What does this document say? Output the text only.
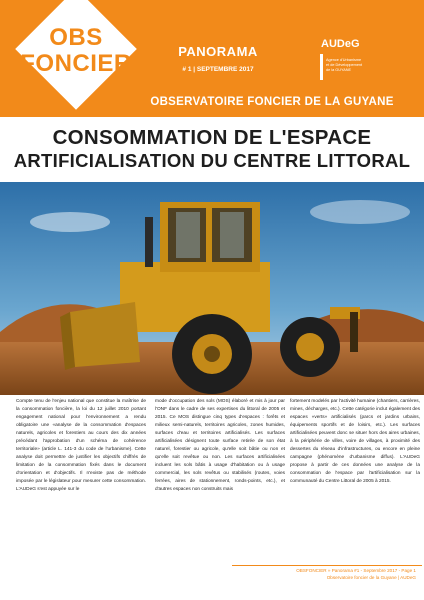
OBS
FONCIER	PANORAMA
# 1 | SEPTEMBRE 2017
AUDeG
Agence d'Urbanisme
et de Développement
de la GUYANE
OBSERVATOIRE FONCIER DE LA GUYANE
CONSOMMATION DE L'ESPACE
ARTIFICIALISATION DU CENTRE LITTORAL
Compte tenu de l'enjeu national que constitue la maîtrise de la consommation foncière, la loi du 12 juillet 2010 portant engagement national pour l'environnement a rendu obligatoire une «analyse de la consommation d'espaces naturels, agricoles et forestiers au cours des dix années précédant l'approbation d'un schéma de cohérence territoriale» (article L. 141-3 du code de l'urbanisme). Cette analyse doit permettre de justifier les objectifs chiffrés de limitation de la consommation fixés dans le document d'orientation et d'objectifs. Il n'existe pas de méthode imposée par le législateur pour mesurer cette consommation. L'AUDeG s'est appuyée sur le
mode d'occupation des sols (MOS) élaboré et mis à jour par l'ONF dans le cadre de ses expertises du littoral de 2005 et 2015. Ce MOS distingue cinq types d'espaces : forêts et milieux semi-naturels, territoires agricoles, zones humides, surfaces d'eau et territoires artificialisés. Les surfaces artificialisées désignent toute surface retirée de son état naturel, forestier ou agricole, qu'elle soit bâtie ou non et qu'elle soit revêtue ou non. Les surfaces artificialisées incluent les sols bâtis à usage d'habitation ou à usage commercial, les sols revêtus ou stabilisés (routes, voies ferrées, aires de stationnement, ronds-points, etc.), et d'autres espaces non construits mais
fortement modelés par l'activité humaine (chantiers, carrières, mines, décharges, etc.). Cette catégorie inclut également des espaces «verts» artificialisés (parcs et jardins urbains, équipements sportifs et de loisirs, etc.). Les surfaces artificialisées peuvent donc se situer hors des aires urbaines, à la périphérie de villes, voire de villages, à proximité des dessertes du réseau d'infrastructures, ou encore en pleine campagne (phénomène d'urbanisme diffus). L'AUDeG propose à partir de ces données une analyse de la consommation de l'espace par l'artificialisation sur la communauté du Centre Littoral de 2005 à 2015.
OBSFONCIER » Panorama #1 - Septembre 2017 - Page 1
Observatoire foncier de la Guyane | AUDeG
